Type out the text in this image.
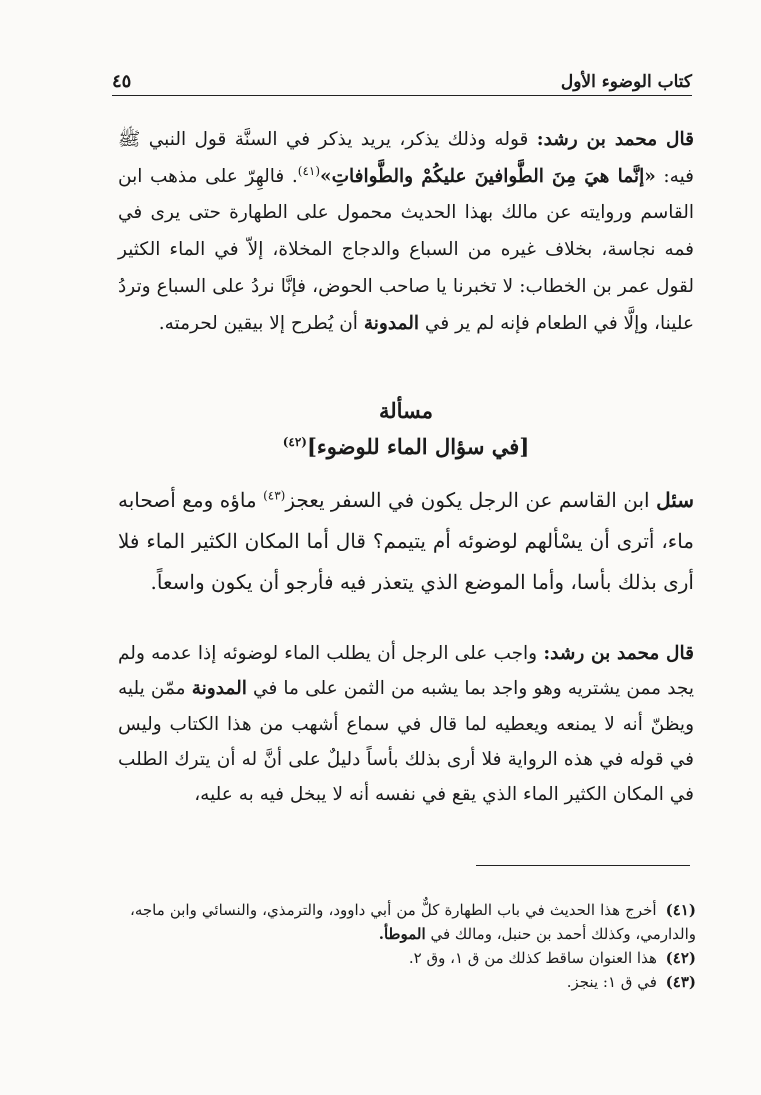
كتاب الوضوء الأول
٤٥

قال محمد بن رشد: قوله وذلك يذكر، يريد يذكر في السنَّة قول النبي ﷺ فيه: «إنَّما هيَ مِنَ الطَّوافينَ عليكُمْ والطَّوافاتِ»$^{(٤١)}$. فالهِرّ على مذهب ابن القاسم وروايته عن مالك بهذا الحديث محمول على الطهارة حتى يرى في فمه نجاسة، بخلاف غيره من السباع والدجاج المخلاة، إلاّ في الماء الكثير لقول عمر بن الخطاب: لا تخبرنا يا صاحب الحوض، فإنَّا نردُ على السباع وتردُ علينا، وإلَّا في الطعام فإنه لم ير في المدونة أن يُطرح إلا بيقين لحرمته.

مسألة
[في سؤال الماء للوضوء]$^{(٤٢)}$

سئل ابن القاسم عن الرجل يكون في السفر يعجز$^{(٤٣)}$ ماؤه ومع أصحابه ماء، أترى أن يسْألهم لوضوئه أم يتيمم؟ قال أما المكان الكثير الماء فلا أرى بذلك بأسا، وأما الموضع الذي يتعذر فيه فأرجو أن يكون واسعاً.

قال محمد بن رشد: واجب على الرجل أن يطلب الماء لوضوئه إذا عدمه ولم يجد ممن يشتريه وهو واجد بما يشبه من الثمن على ما في المدونة ممّن يليه ويظنّ أنه لا يمنعه ويعطيه لما قال في سماع أشهب من هذا الكتاب وليس في قوله في هذه الرواية فلا أرى بذلك بأساً دليلٌ على أنَّ له أن يترك الطلب في المكان الكثير الماء الذي يقع في نفسه أنه لا يبخل فيه به عليه،

(٤١) أخرج هذا الحديث في باب الطهارة كلٌّ من أبي داوود، والترمذي، والنسائي وابن ماجه، والدارمي، وكذلك أحمد بن حنبل، ومالك في الموطأ.

(٤٢) هذا العنوان ساقط كذلك من ق ١، وق ٢.

(٤٣) في ق ١: ينجز.
